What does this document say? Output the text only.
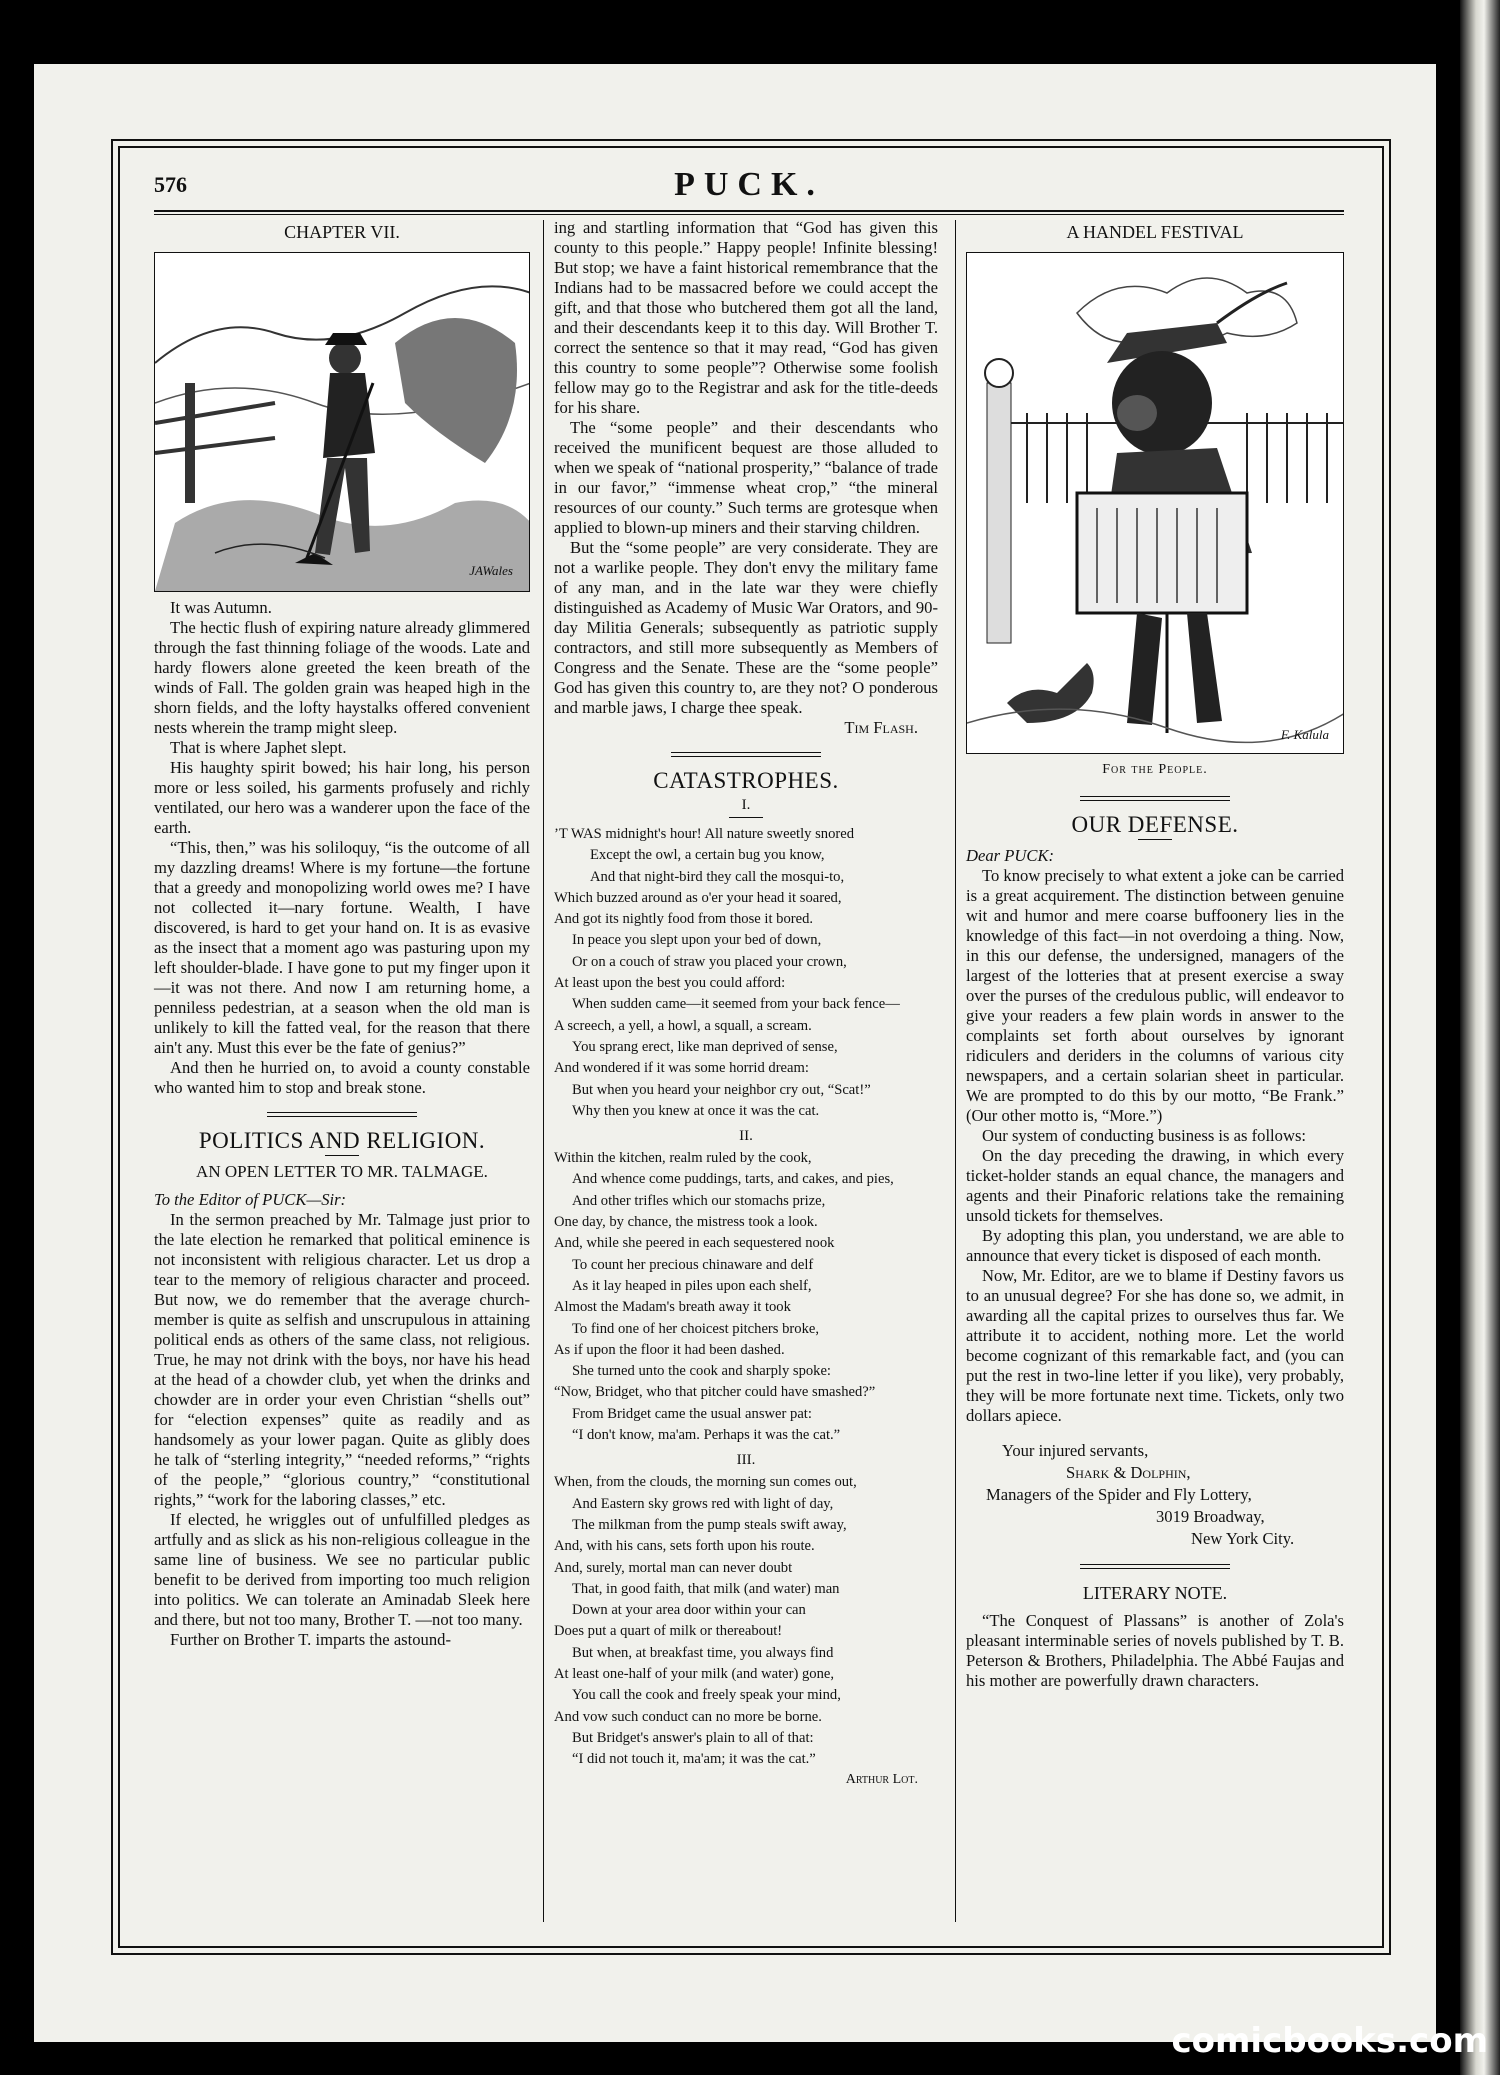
576	PUCK.
CHAPTER VII.
JAWales

It was Autumn.

The hectic flush of expiring nature already glimmered through the fast thinning foliage of the woods. Late and hardy flowers alone greeted the keen breath of the winds of Fall. The golden grain was heaped high in the shorn fields, and the lofty haystalks offered convenient nests wherein the tramp might sleep.

That is where Japhet slept.

His haughty spirit bowed; his hair long, his person more or less soiled, his garments profusely and richly ventilated, our hero was a wanderer upon the face of the earth.

“This, then,” was his soliloquy, “is the outcome of all my dazzling dreams! Where is my fortune—the fortune that a greedy and monopolizing world owes me? I have not collected it—nary fortune. Wealth, I have discovered, is hard to get your hand on. It is as evasive as the insect that a moment ago was pasturing upon my left shoulder-blade. I have gone to put my finger upon it—it was not there. And now I am returning home, a penniless pedestrian, at a season when the old man is unlikely to kill the fatted veal, for the reason that there ain't any. Must this ever be the fate of genius?”

And then he hurried on, to avoid a county constable who wanted him to stop and break stone.

POLITICS AND RELIGION.
AN OPEN LETTER TO MR. TALMAGE.

To the Editor of PUCK—Sir:

In the sermon preached by Mr. Talmage just prior to the late election he remarked that political eminence is not inconsistent with religious character. Let us drop a tear to the memory of religious character and proceed. But now, we do remember that the average church-member is quite as selfish and unscrupulous in attaining political ends as others of the same class, not religious. True, he may not drink with the boys, nor have his head at the head of a chowder club, yet when the drinks and chowder are in order your even Christian “shells out” for “election expenses” quite as readily and as handsomely as your lower pagan. Quite as glibly does he talk of “sterling integrity,” “needed reforms,” “rights of the people,” “glorious country,” “constitutional rights,” “work for the laboring classes,” etc.

If elected, he wriggles out of unfulfilled pledges as artfully and as slick as his non-religious colleague in the same line of business. We see no particular public benefit to be derived from importing too much religion into politics. We can tolerate an Aminadab Sleek here and there, but not too many, Brother T. —not too many.

Further on Brother T. imparts the astound-

ing and startling information that “God has given this county to this people.” Happy people! Infinite blessing! But stop; we have a faint historical remembrance that the Indians had to be massacred before we could accept the gift, and that those who butchered them got all the land, and their descendants keep it to this day. Will Brother T. correct the sentence so that it may read, “God has given this country to some people”? Otherwise some foolish fellow may go to the Registrar and ask for the title-deeds for his share.

The “some people” and their descendants who received the munificent bequest are those alluded to when we speak of “national prosperity,” “balance of trade in our favor,” “immense wheat crop,” “the mineral resources of our county.” Such terms are grotesque when applied to blown-up miners and their starving children.

But the “some people” are very considerate. They are not a warlike people. They don't envy the military fame of any man, and in the late war they were chiefly distinguished as Academy of Music War Orators, and 90-day Militia Generals; subsequently as patriotic supply contractors, and still more subsequently as Members of Congress and the Senate. These are the “some people” God has given this country to, are they not? O ponderous and marble jaws, I charge thee speak.

Tim Flash.
CATASTROPHES.
I.
’T WAS midnight's hour! All nature sweetly snored
Except the owl, a certain bug you know,
And that night-bird they call the mosqui-to,
Which buzzed around as o'er your head it soared,
And got its nightly food from those it bored.
In peace you slept upon your bed of down,
Or on a couch of straw you placed your crown,
At least upon the best you could afford:
When sudden came—it seemed from your back fence—
A screech, a yell, a howl, a squall, a scream.
You sprang erect, like man deprived of sense,
And wondered if it was some horrid dream:
But when you heard your neighbor cry out, “Scat!”
Why then you knew at once it was the cat.
II.
Within the kitchen, realm ruled by the cook,
And whence come puddings, tarts, and cakes, and pies,
And other trifles which our stomachs prize,
One day, by chance, the mistress took a look.
And, while she peered in each sequestered nook
To count her precious chinaware and delf
As it lay heaped in piles upon each shelf,
Almost the Madam's breath away it took
To find one of her choicest pitchers broke,
As if upon the floor it had been dashed.
She turned unto the cook and sharply spoke:
“Now, Bridget, who that pitcher could have smashed?”
From Bridget came the usual answer pat:
“I don't know, ma'am. Perhaps it was the cat.”
III.
When, from the clouds, the morning sun comes out,
And Eastern sky grows red with light of day,
The milkman from the pump steals swift away,
And, with his cans, sets forth upon his route.
And, surely, mortal man can never doubt
That, in good faith, that milk (and water) man
Down at your area door within your can
Does put a quart of milk or thereabout!
But when, at breakfast time, you always find
At least one-half of your milk (and water) gone,
You call the cook and freely speak your mind,
And vow such conduct can no more be borne.
But Bridget's answer's plain to all of that:
“I did not touch it, ma'am; it was the cat.”
Arthur Lot.
A HANDEL FESTIVAL
F. Kalula
For the People.
OUR DEFENSE.

Dear PUCK:

To know precisely to what extent a joke can be carried is a great acquirement. The distinction between genuine wit and humor and mere coarse buffoonery lies in the knowledge of this fact—in not overdoing a thing. Now, in this our defense, the undersigned, managers of the largest of the lotteries that at present exercise a sway over the purses of the credulous public, will endeavor to give your readers a few plain words in answer to the complaints set forth about ourselves by ignorant ridiculers and deriders in the columns of various city newspapers, and a certain solarian sheet in particular. We are prompted to do this by our motto, “Be Frank.” (Our other motto is, “More.”)

Our system of conducting business is as follows:

On the day preceding the drawing, in which every ticket-holder stands an equal chance, the managers and agents and their Pinaforic relations take the remaining unsold tickets for themselves.

By adopting this plan, you understand, we are able to announce that every ticket is disposed of each month.

Now, Mr. Editor, are we to blame if Destiny favors us to an unusual degree? For she has done so, we admit, in awarding all the capital prizes to ourselves thus far. We attribute it to accident, nothing more. Let the world become cognizant of this remarkable fact, and (you can put the rest in two-line letter if you like), very probably, they will be more fortunate next time. Tickets, only two dollars apiece.

Your injured servants,
Shark & Dolphin,
Managers of the Spider and Fly Lottery,
3019 Broadway,
New York City.
LITERARY NOTE.

“The Conquest of Plassans” is another of Zola's pleasant interminable series of novels published by T. B. Peterson & Brothers, Philadelphia. The Abbé Faujas and his mother are powerfully drawn characters.

comicbooks.com
